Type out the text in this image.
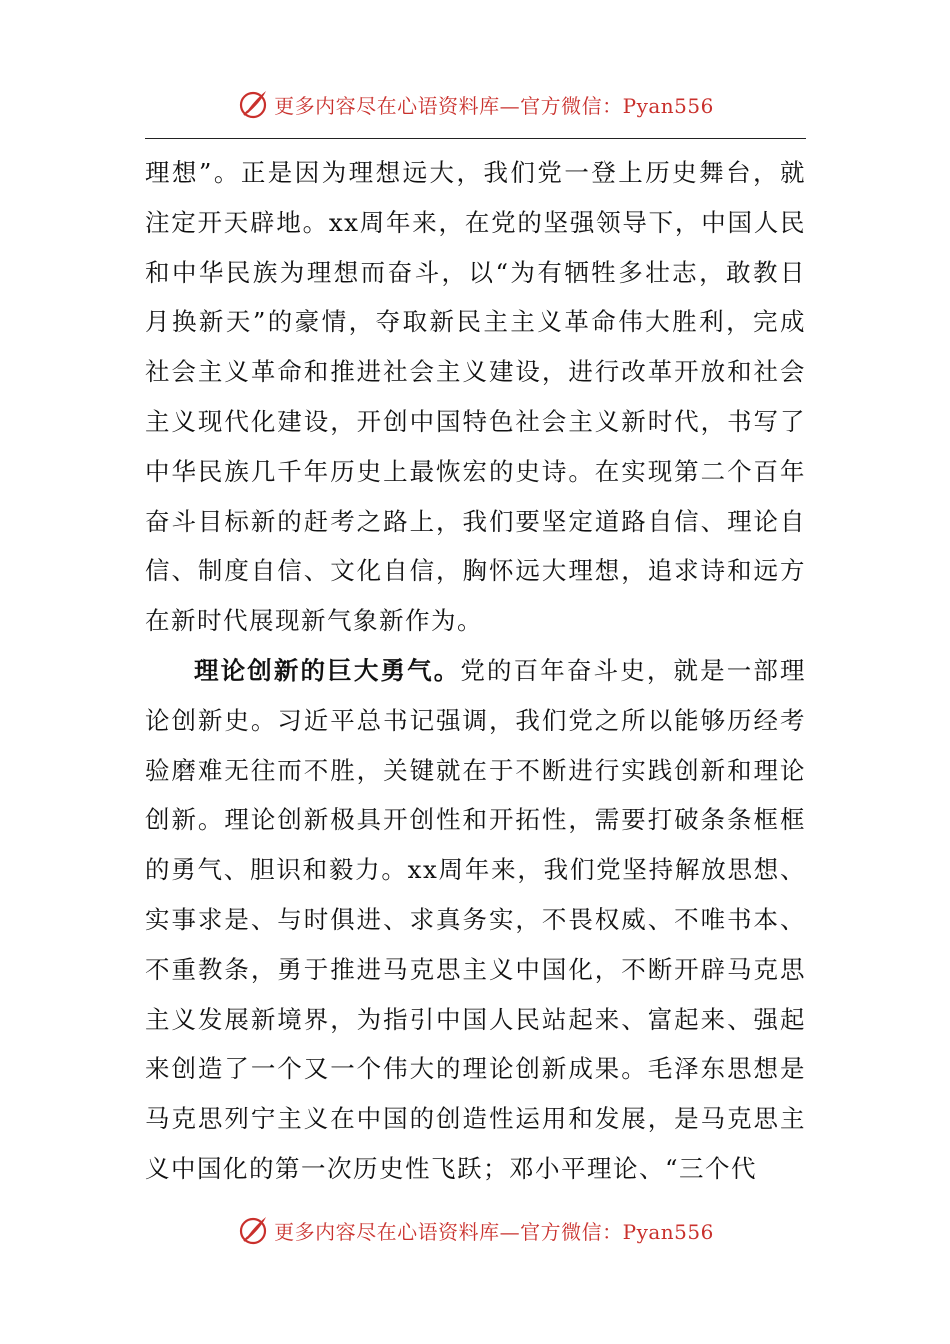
更多内容尽在心语资料库—官方微信：Pyan556

理想”。正是因为理想远大，我们党一登上历史舞台，就注定开天辟地。xx周年来，在党的坚强领导下，中国人民和中华民族为理想而奋斗，以“为有牺牲多壮志，敢教日月换新天”的豪情，夺取新民主主义革命伟大胜利，完成社会主义革命和推进社会主义建设，进行改革开放和社会主义现代化建设，开创中国特色社会主义新时代，书写了中华民族几千年历史上最恢宏的史诗。在实现第二个百年奋斗目标新的赶考之路上，我们要坚定道路自信、理论自信、制度自信、文化自信，胸怀远大理想，追求诗和远方在新时代展现新气象新作为。

理论创新的巨大勇气。党的百年奋斗史，就是一部理论创新史。习近平总书记强调，我们党之所以能够历经考验磨难无往而不胜，关键就在于不断进行实践创新和理论创新。理论创新极具开创性和开拓性，需要打破条条框框的勇气、胆识和毅力。xx周年来，我们党坚持解放思想、实事求是、与时俱进、求真务实，不畏权威、不唯书本、不重教条，勇于推进马克思主义中国化，不断开辟马克思主义发展新境界，为指引中国人民站起来、富起来、强起来创造了一个又一个伟大的理论创新成果。毛泽东思想是马克思列宁主义在中国的创造性运用和发展，是马克思主义中国化的第一次历史性飞跃；邓小平理论、“三个代

更多内容尽在心语资料库—官方微信：Pyan556
